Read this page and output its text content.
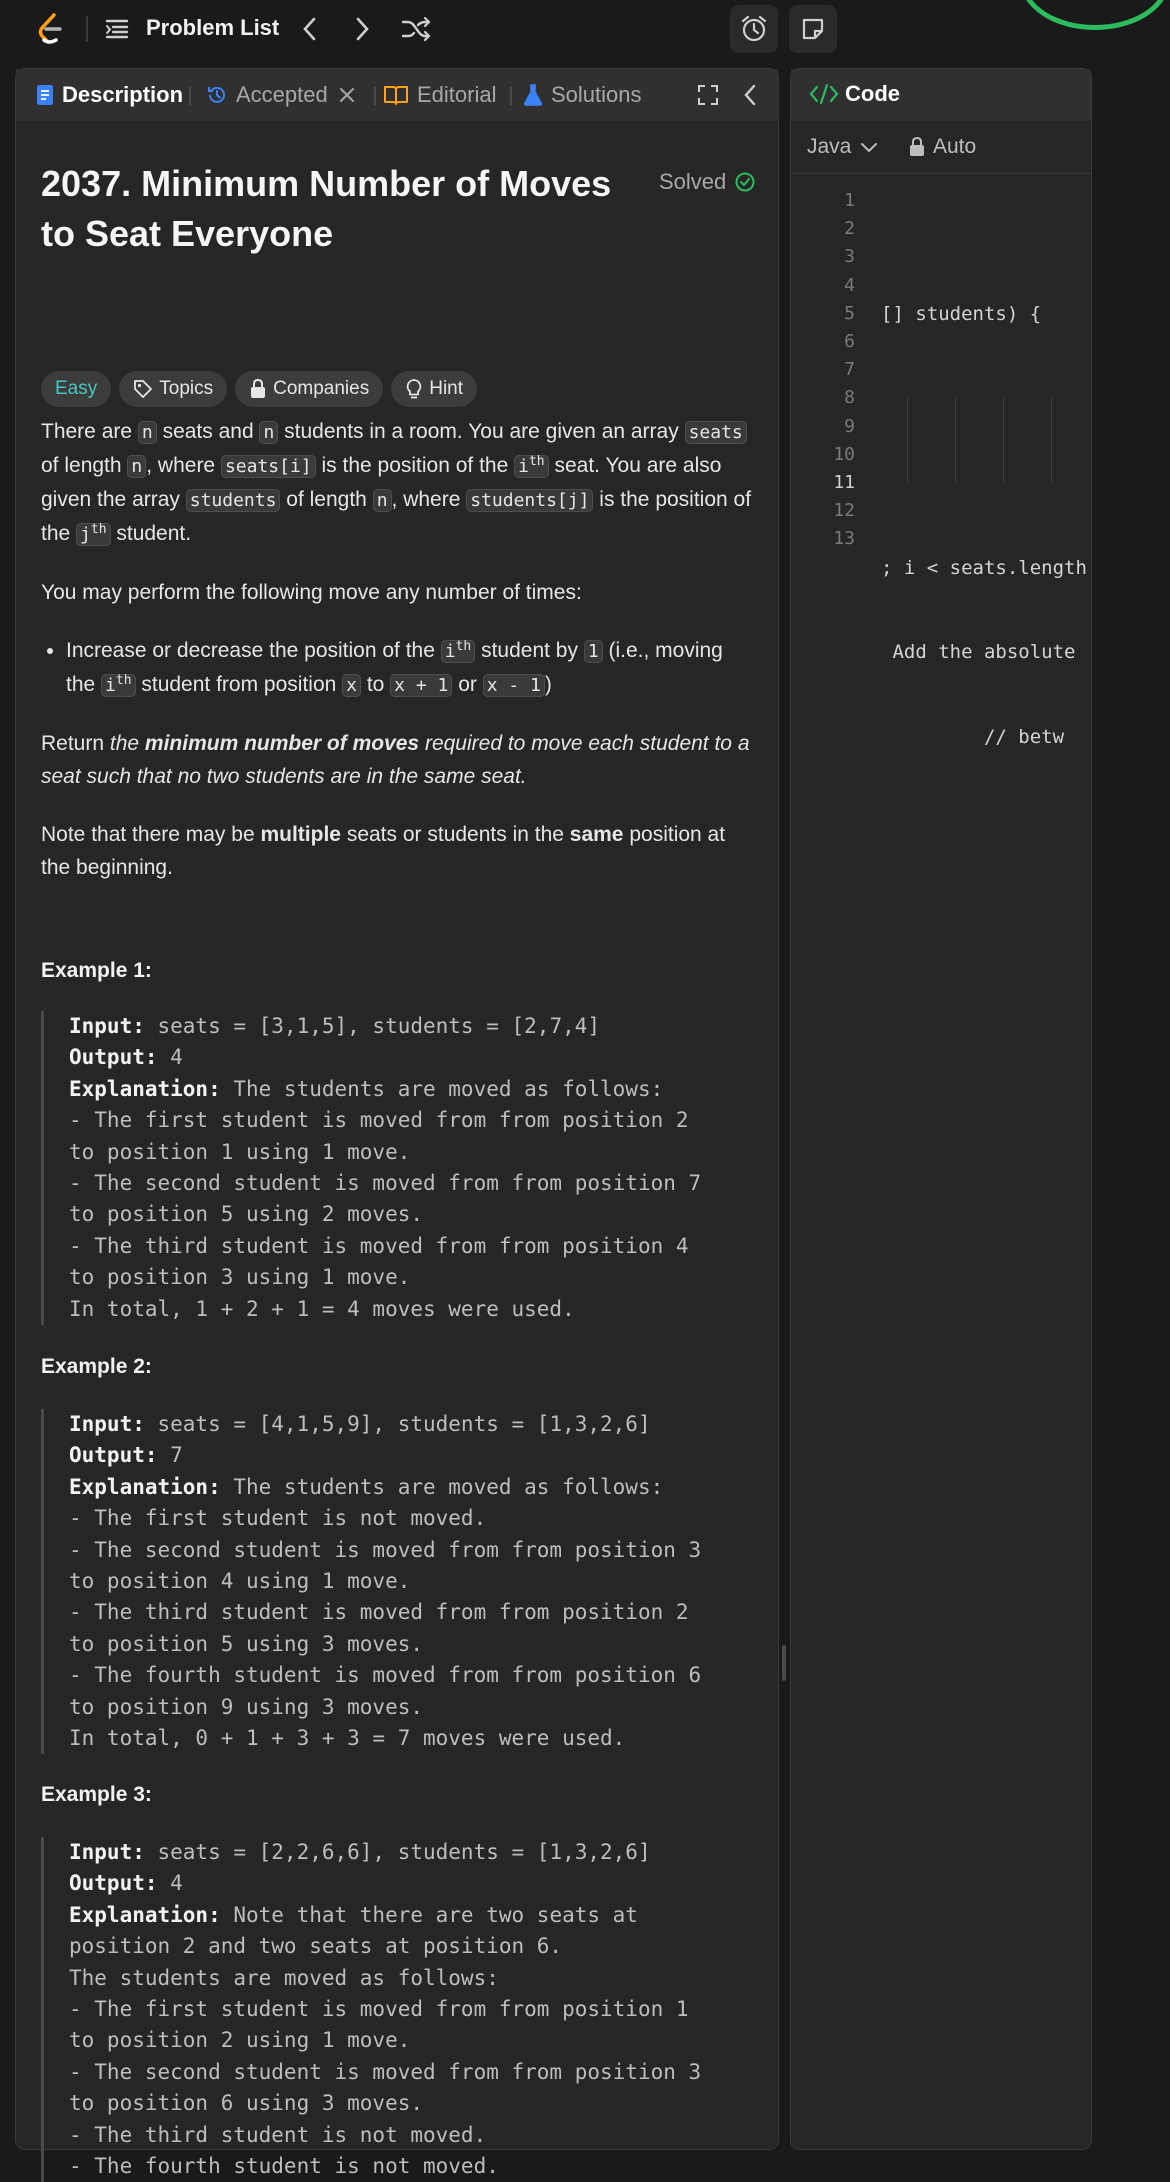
Problem List
Description Accepted	Editorial Solutions
2037. Minimum Number of Moves to Seat Everyone
Solved
Easy	Topics	Companies	Hint

There are n seats and n students in a room. You are given an array seats of length n , where seats[i] is the position of the $i^{th}$ seat. You are also given the array students of length n , where students[j] is the position of the $j^{th}$ student.

You may perform the following move any number of times:

• Increase or decrease the position of the $i^{th}$ student by 1 (i.e., moving the $i^{th}$ student from position x to x + 1 or x - 1 )

Return the minimum number of moves required to move each student to a seat such that no two students are in the same seat.

Note that there may be multiple seats or students in the same position at the beginning.

Example 1:
Input: seats = [3,1,5], students = [2,7,4]
Output: 4
Explanation: The students are moved as follows:
- The first student is moved from from position 2
to position 1 using 1 move.
- The second student is moved from from position 7
to position 5 using 2 moves.
- The third student is moved from from position 4
to position 3 using 1 move.
In total, 1 + 2 + 1 = 4 moves were used.
Example 2:
Input: seats = [4,1,5,9], students = [1,3,2,6]
Output: 7
Explanation: The students are moved as follows:
- The first student is not moved.
- The second student is moved from from position 3
to position 4 using 1 move.
- The third student is moved from from position 2
to position 5 using 3 moves.
- The fourth student is moved from from position 6
to position 9 using 3 moves.
In total, 0 + 1 + 3 + 3 = 7 moves were used.
Example 3:
Input: seats = [2,2,6,6], students = [1,3,2,6]
Output: 4
Explanation: Note that there are two seats at
position 2 and two seats at position 6.
The students are moved as follows:
- The first student is moved from from position 1
to position 2 using 1 move.
- The second student is moved from from position 3
to position 6 using 3 moves.
- The third student is not moved.
- The fourth student is not moved.
Code
Java	Auto
1
2
3
4
5
6
7
8
9
10
11
12
13

[] students) {

; i < seats.length

Add the absolute

// betw
